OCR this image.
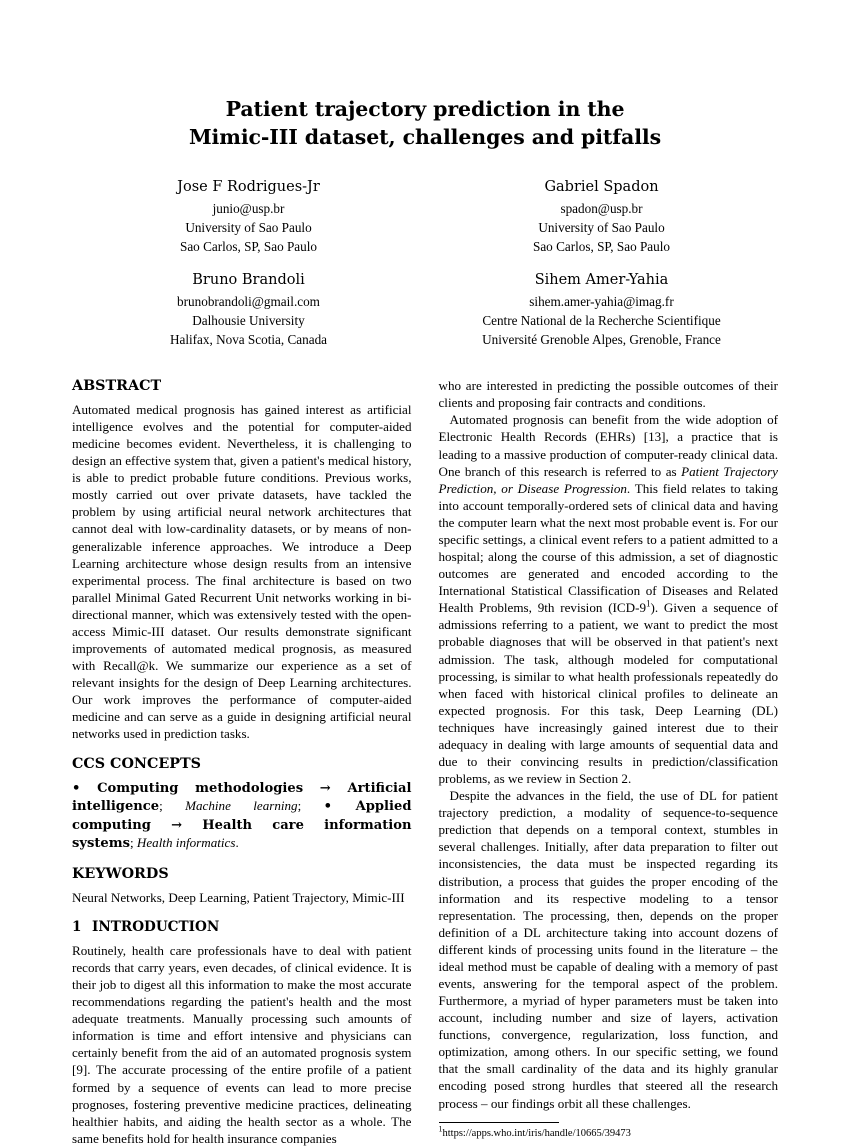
Patient trajectory prediction in the
Mimic-III dataset, challenges and pitfalls
Jose F Rodrigues-Jr
junio@usp.br
University of Sao Paulo
Sao Carlos, SP, Sao Paulo
Gabriel Spadon
spadon@usp.br
University of Sao Paulo
Sao Carlos, SP, Sao Paulo
Bruno Brandoli
brunobrandoli@gmail.com
Dalhousie University
Halifax, Nova Scotia, Canada
Sihem Amer-Yahia
sihem.amer-yahia@imag.fr
Centre National de la Recherche Scientifique
Université Grenoble Alpes, Grenoble, France
ABSTRACT

Automated medical prognosis has gained interest as artificial intelligence evolves and the potential for computer-aided medicine becomes evident. Nevertheless, it is challenging to design an effective system that, given a patient's medical history, is able to predict probable future conditions. Previous works, mostly carried out over private datasets, have tackled the problem by using artificial neural network architectures that cannot deal with low-cardinality datasets, or by means of non-generalizable inference approaches. We introduce a Deep Learning architecture whose design results from an intensive experimental process. The final architecture is based on two parallel Minimal Gated Recurrent Unit networks working in bi-directional manner, which was extensively tested with the open-access Mimic-III dataset. Our results demonstrate significant improvements of automated medical prognosis, as measured with Recall@k. We summarize our experience as a set of relevant insights for the design of Deep Learning architectures. Our work improves the performance of computer-aided medicine and can serve as a guide in designing artificial neural networks used in prediction tasks.

CCS CONCEPTS
• Computing methodologies → Artificial intelligence; Machine learning; • Applied computing → Health care information systems; Health informatics.
KEYWORDS
Neural Networks, Deep Learning, Patient Trajectory, Mimic-III
1 INTRODUCTION

Routinely, health care professionals have to deal with patient records that carry years, even decades, of clinical evidence. It is their job to digest all this information to make the most accurate recommendations regarding the patient's health and the most adequate treatments. Manually processing such amounts of information is time and effort intensive and physicians can certainly benefit from the aid of an automated prognosis system [9]. The accurate processing of the entire profile of a patient formed by a sequence of events can lead to more precise prognoses, fostering preventive medicine practices, delineating healthier habits, and aiding the health sector as a whole. The same benefits hold for health insurance companies

who are interested in predicting the possible outcomes of their clients and proposing fair contracts and conditions.

Automated prognosis can benefit from the wide adoption of Electronic Health Records (EHRs) [13], a practice that is leading to a massive production of computer-ready clinical data. One branch of this research is referred to as Patient Trajectory Prediction, or Disease Progression. This field relates to taking into account temporally-ordered sets of clinical data and having the computer learn what the next most probable event is. For our specific settings, a clinical event refers to a patient admitted to a hospital; along the course of this admission, a set of diagnostic outcomes are generated and encoded according to the International Statistical Classification of Diseases and Related Health Problems, 9th revision $(ICD-9^1)$. Given a sequence of admissions referring to a patient, we want to predict the most probable diagnoses that will be observed in that patient's next admission. The task, although modeled for computational processing, is similar to what health professionals repeatedly do when faced with historical clinical profiles to delineate an expected prognosis. For this task, Deep Learning (DL) techniques have increasingly gained interest due to their adequacy in dealing with large amounts of sequential data and due to their convincing results in prediction/classification problems, as we review in Section 2.

Despite the advances in the field, the use of DL for patient trajectory prediction, a modality of sequence-to-sequence prediction that depends on a temporal context, stumbles in several challenges. Initially, after data preparation to filter out inconsistencies, the data must be inspected regarding its distribution, a process that guides the proper encoding of the information and its respective modeling to a tensor representation. The processing, then, depends on the proper definition of a DL architecture taking into account dozens of different kinds of processing units found in the literature – the ideal method must be capable of dealing with a memory of past events, answering for the temporal aspect of the problem. Furthermore, a myriad of hyper parameters must be taken into account, including number and size of layers, activation functions, convergence, regularization, loss function, and optimization, among others. In our specific setting, we found that the small cardinality of the data and its highly granular encoding posed strong hurdles that steered all the research process – our findings orbit all these challenges.

$^1$https://apps.who.int/iris/handle/10665/39473
